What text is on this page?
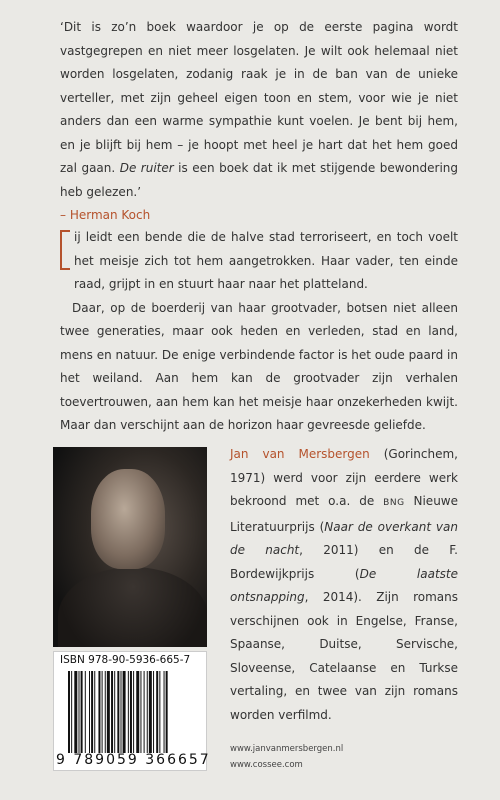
‘Dit is zo’n boek waardoor je op de eerste pagina wordt vastgegrepen en niet meer losgelaten. Je wilt ook helemaal niet worden losgelaten, zodanig raak je in de ban van de unieke verteller, met zijn geheel eigen toon en stem, voor wie je niet anders dan een warme sympathie kunt voelen. Je bent bij hem, en je blijft bij hem – je hoopt met heel je hart dat het hem goed zal gaan. De ruiter is een boek dat ik met stijgende bewondering heb gelezen.’
– Herman Koch

ij leidt een bende die de halve stad terroriseert, en toch voelt het meisje zich tot hem aangetrokken. Haar vader, ten einde raad, grijpt in en stuurt haar naar het platteland.

Daar, op de boerderij van haar grootvader, botsen niet alleen twee generaties, maar ook heden en verleden, stad en land, mens en natuur. De enige verbindende factor is het oude paard in het weiland. Aan hem kan de grootvader zijn verhalen toevertrouwen, aan hem kan het meisje haar onzekerheden kwijt. Maar dan verschijnt aan de horizon haar gevreesde geliefde.

Jan van Mersbergen (Gorinchem, 1971) werd voor zijn eerdere werk bekroond met o.a. de BNG Nieuwe Literatuurprijs (Naar de overkant van de nacht, 2011) en de F. Bordewijkprijs (De laatste ontsnapping, 2014). Zijn romans verschijnen ook in Engelse, Franse, Spaanse, Duitse, Servische, Sloveense, Catelaanse en Turkse vertaling, en twee van zijn romans worden verfilmd.
ISBN 978-90-5936-665-7
9 789059 366657
www.janvanmersbergen.nl
www.cossee.com
